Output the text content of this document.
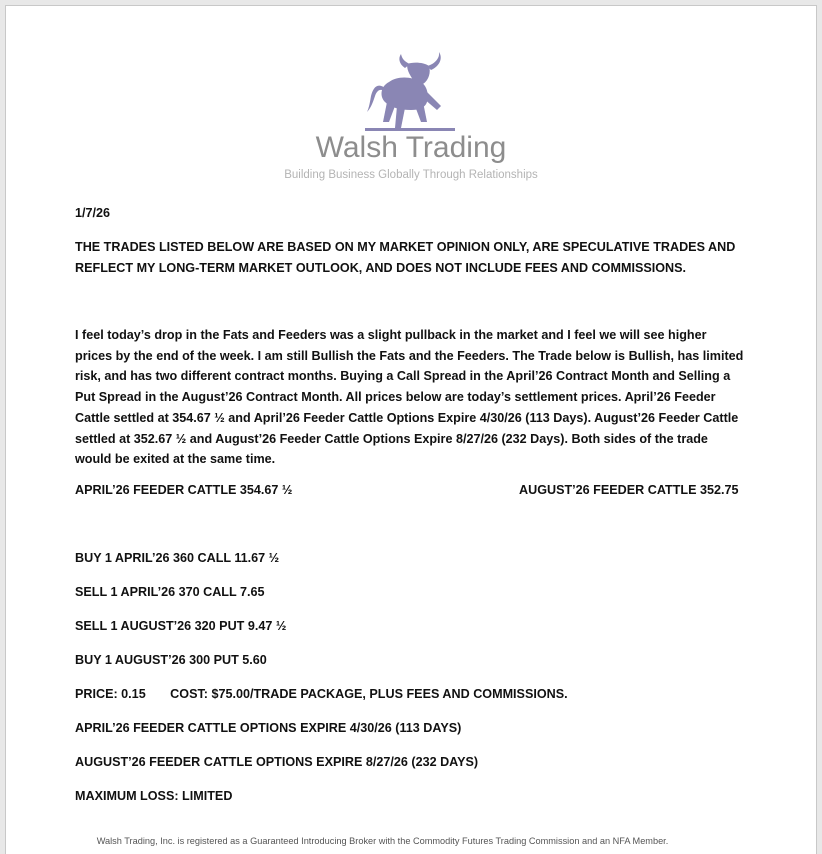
Walsh Trading
Building Business Globally Through Relationships
1/7/26
THE TRADES LISTED BELOW ARE BASED ON MY MARKET OPINION ONLY, ARE SPECULATIVE TRADES AND REFLECT MY LONG-TERM MARKET OUTLOOK, AND DOES NOT INCLUDE FEES AND COMMISSIONS.
I feel today’s drop in the Fats and Feeders was a slight pullback in the market and I feel we will see higher prices by the end of the week. I am still Bullish the Fats and the Feeders. The Trade below is Bullish, has limited risk, and has two different contract months. Buying a Call Spread in the April’26 Contract Month and Selling a Put Spread in the August’26 Contract Month. All prices below are today’s settlement prices. April’26 Feeder Cattle settled at 354.67 ½ and April’26 Feeder Cattle Options Expire 4/30/26 (113 Days). August’26 Feeder Cattle settled at 352.67 ½ and August’26 Feeder Cattle Options Expire 8/27/26 (232 Days). Both sides of the trade would be exited at the same time.
APRIL’26 FEEDER CATTLE 354.67 ½	AUGUST’26 FEEDER CATTLE 352.75
BUY 1 APRIL’26 360 CALL 11.67 ½
SELL 1 APRIL’26 370 CALL 7.65
SELL 1 AUGUST’26 320 PUT 9.47 ½
BUY 1 AUGUST’26 300 PUT 5.60
PRICE: 0.15       COST: $75.00/TRADE PACKAGE, PLUS FEES AND COMMISSIONS.
APRIL’26 FEEDER CATTLE OPTIONS EXPIRE 4/30/26 (113 DAYS)
AUGUST’26 FEEDER CATTLE OPTIONS EXPIRE 8/27/26 (232 DAYS)
MAXIMUM LOSS: LIMITED
Walsh Trading, Inc. is registered as a Guaranteed Introducing Broker with the Commodity Futures Trading Commission and an NFA Member.
